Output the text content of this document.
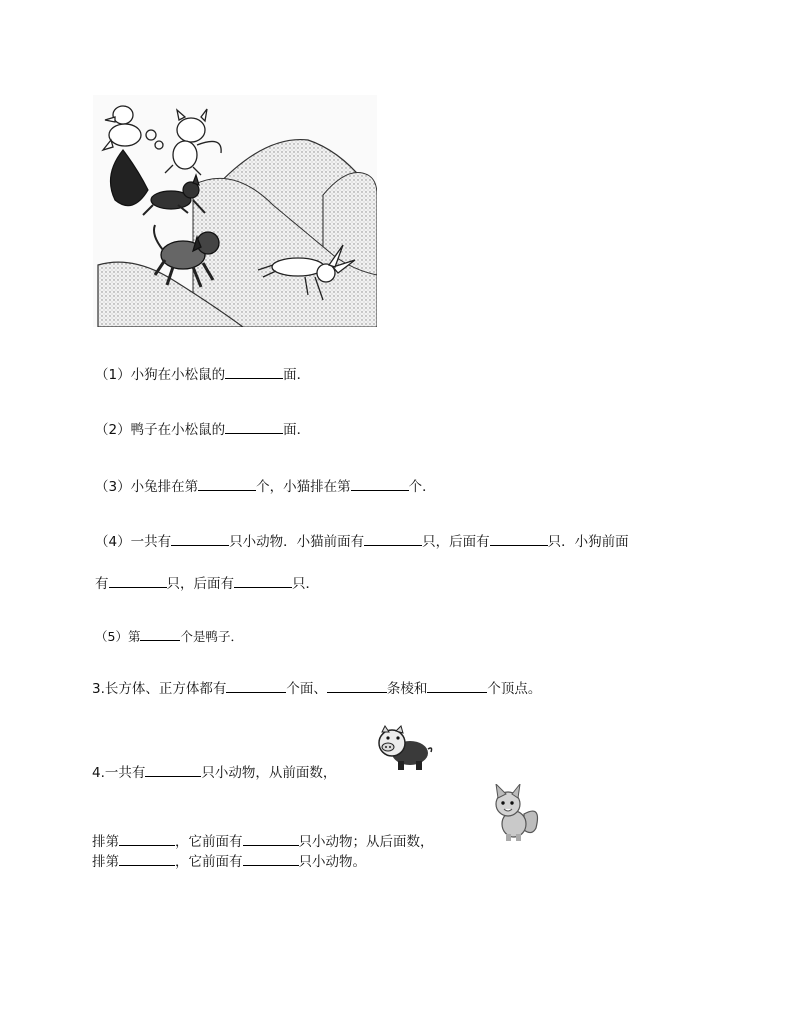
（1）小狗在小松鼠的	面．
（2）鸭子在小松鼠的	面．
（3）小兔排在第	个，小猫排在第	个．
（4）一共有	只小动物．小猫前面有	只，后面有	只．小狗前面
有	只，后面有	只．
（5）第	个是鸭子．
3.长方体、正方体都有	个面、	条棱和	个顶点。
4.一共有	只小动物，从前面数，
排第	，它前面有	只小动物；从后面数，
排第	，它前面有	只小动物。
